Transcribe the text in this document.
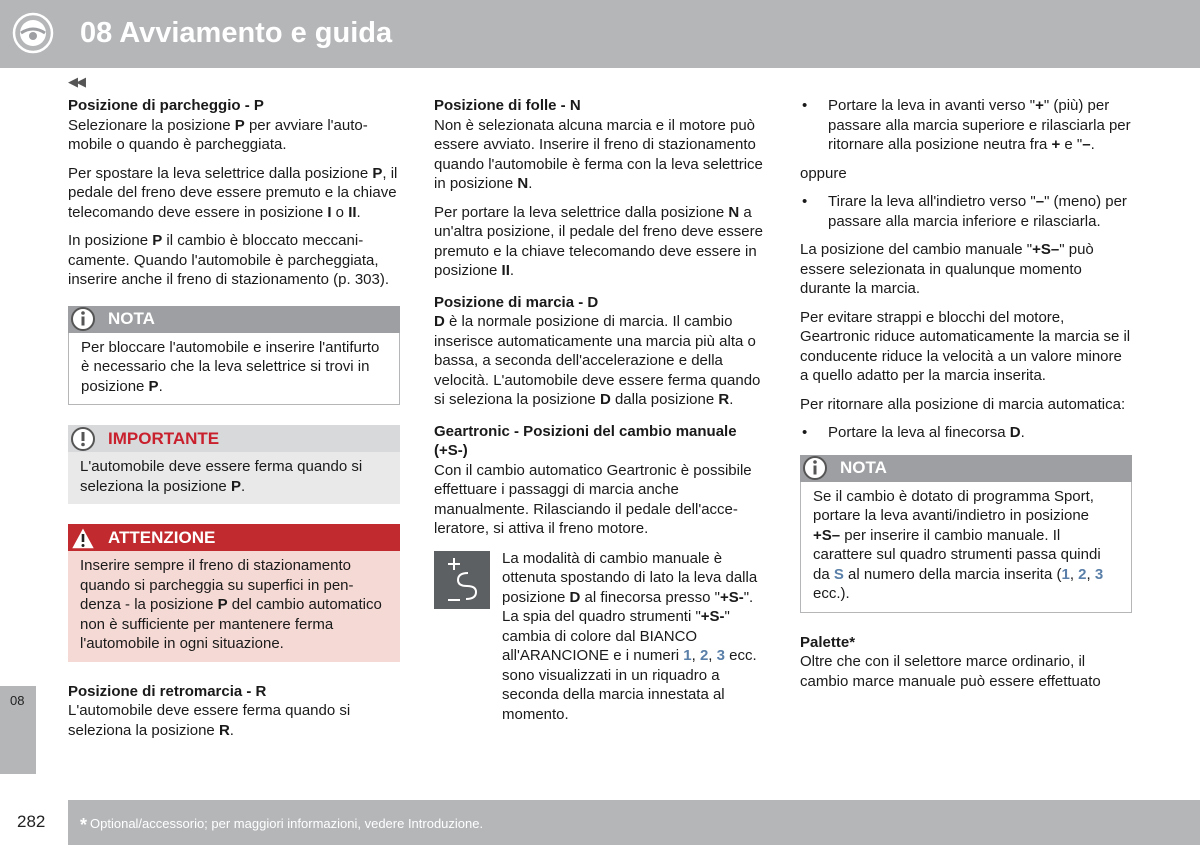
08 Avviamento e guida
◀◀
08
Posizione di parcheggio - P

Selezionare la posizione P per avviare l'automobile o quando è parcheggiata.

Per spostare la leva selettrice dalla posizione P, il pedale del freno deve essere premuto e la chiave telecomando deve essere in posizione I o II.

In posizione P il cambio è bloccato meccanicamente. Quando l'automobile è parcheggiata, inserire anche il freno di stazionamento (p. 303).

NOTA
Per bloccare l'automobile e inserire l'antifurto è necessario che la leva selettrice si trovi in posizione P.
IMPORTANTE
L'automobile deve essere ferma quando si seleziona la posizione P.
ATTENZIONE
Inserire sempre il freno di stazionamento quando si parcheggia su superfici in pendenza - la posizione P del cambio automatico non è sufficiente per mantenere ferma l'automobile in ogni situazione.
Posizione di retromarcia - R

L'automobile deve essere ferma quando si seleziona la posizione R.

Posizione di folle - N

Non è selezionata alcuna marcia e il motore può essere avviato. Inserire il freno di stazionamento quando l'automobile è ferma con la leva selettrice in posizione N.

Per portare la leva selettrice dalla posizione N a un'altra posizione, il pedale del freno deve essere premuto e la chiave telecomando deve essere in posizione II.

Posizione di marcia - D

D è la normale posizione di marcia. Il cambio inserisce automaticamente una marcia più alta o bassa, a seconda dell'accelerazione e della velocità. L'automobile deve essere ferma quando si seleziona la posizione D dalla posizione R.

Geartronic - Posizioni del cambio manuale (+S-)

Con il cambio automatico Geartronic è possibile effettuare i passaggi di marcia anche manualmente. Rilasciando il pedale dell'acceleratore, si attiva il freno motore.

La modalità di cambio manuale è ottenuta spostando di lato la leva dalla posizione D al finecorsa presso "+S-". La spia del quadro strumenti "+S-" cambia di colore dal BIANCO all'ARANCIONE e i numeri 1, 2, 3 ecc. sono visualizzati in un riquadro a seconda della marcia innestata al momento.

• Portare la leva in avanti verso "+" (più) per passare alla marcia superiore e rilasciarla per ritornare alla posizione neutra fra + e "–.

oppure

• Tirare la leva all'indietro verso "–" (meno) per passare alla marcia inferiore e rilasciarla.

La posizione del cambio manuale "+S–" può essere selezionata in qualunque momento durante la marcia.

Per evitare strappi e blocchi del motore, Geartronic riduce automaticamente la marcia se il conducente riduce la velocità a un valore minore a quello adatto per la marcia inserita.

Per ritornare alla posizione di marcia automatica:

• Portare la leva al finecorsa D.
NOTA
Se il cambio è dotato di programma Sport, portare la leva avanti/indietro in posizione +S– per inserire il cambio manuale. Il carattere sul quadro strumenti passa quindi da S al numero della marcia inserita (1, 2, 3 ecc.).
Palette*

Oltre che con il selettore marce ordinario, il cambio marce manuale può essere effettuato

282 * Optional/accessorio; per maggiori informazioni, vedere Introduzione.
